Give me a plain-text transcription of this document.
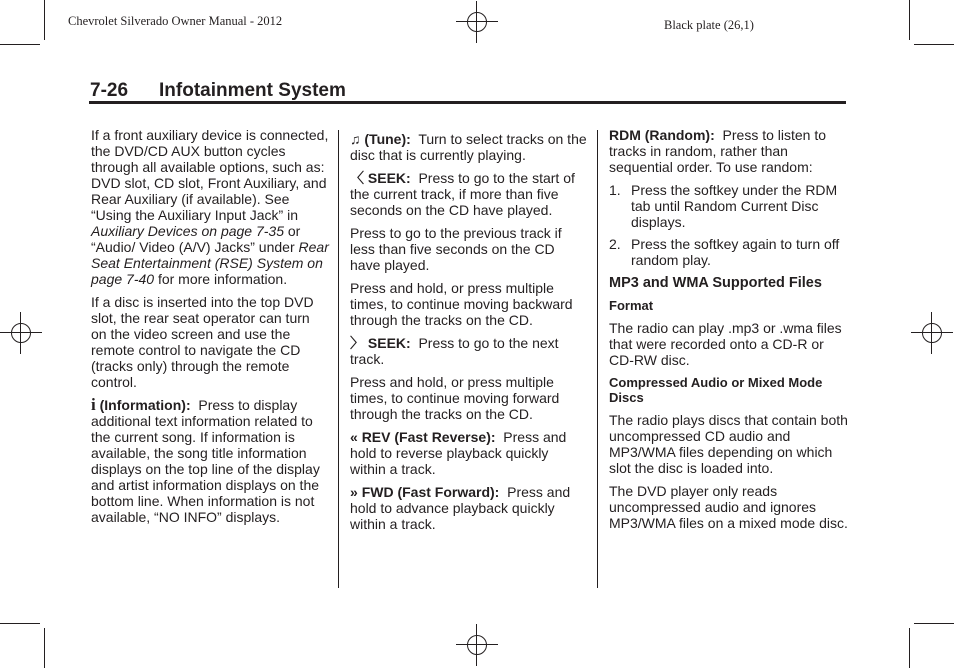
Chevrolet Silverado Owner Manual - 2012	Black plate (26,1)
7-26 Infotainment System

If a front auxiliary device is connected, the DVD/CD AUX button cycles through all available options, such as: DVD slot, CD slot, Front Auxiliary, and Rear Auxiliary (if available). See “Using the Auxiliary Input Jack” in Auxiliary Devices on page 7-35 or “Audio/ Video (A/V) Jacks” under Rear Seat Entertainment (RSE) System on page 7-40 for more information.

If a disc is inserted into the top DVD slot, the rear seat operator can turn on the video screen and use the remote control to navigate the CD (tracks only) through the remote control.

i (Information): Press to display additional text information related to the current song. If information is available, the song title information displays on the top line of the display and artist information displays on the bottom line. When information is not available, “NO INFO” displays.

♫ (Tune): Turn to select tracks on the disc that is currently playing.

〈 SEEK: Press to go to the start of the current track, if more than five seconds on the CD have played.

Press to go to the previous track if less than five seconds on the CD have played.

Press and hold, or press multiple times, to continue moving backward through the tracks on the CD.

〉 SEEK: Press to go to the next track.

Press and hold, or press multiple times, to continue moving forward through the tracks on the CD.

« REV (Fast Reverse): Press and hold to reverse playback quickly within a track.

» FWD (Fast Forward): Press and hold to advance playback quickly within a track.

RDM (Random): Press to listen to tracks in random, rather than sequential order. To use random:

1. Press the softkey under the RDM tab until Random Current Disc displays.
2. Press the softkey again to turn off random play.
MP3 and WMA Supported Files
Format

The radio can play .mp3 or .wma files that were recorded onto a CD-R or CD-RW disc.

Compressed Audio or Mixed Mode Discs

The radio plays discs that contain both uncompressed CD audio and MP3/WMA files depending on which slot the disc is loaded into.

The DVD player only reads uncompressed audio and ignores MP3/WMA files on a mixed mode disc.
